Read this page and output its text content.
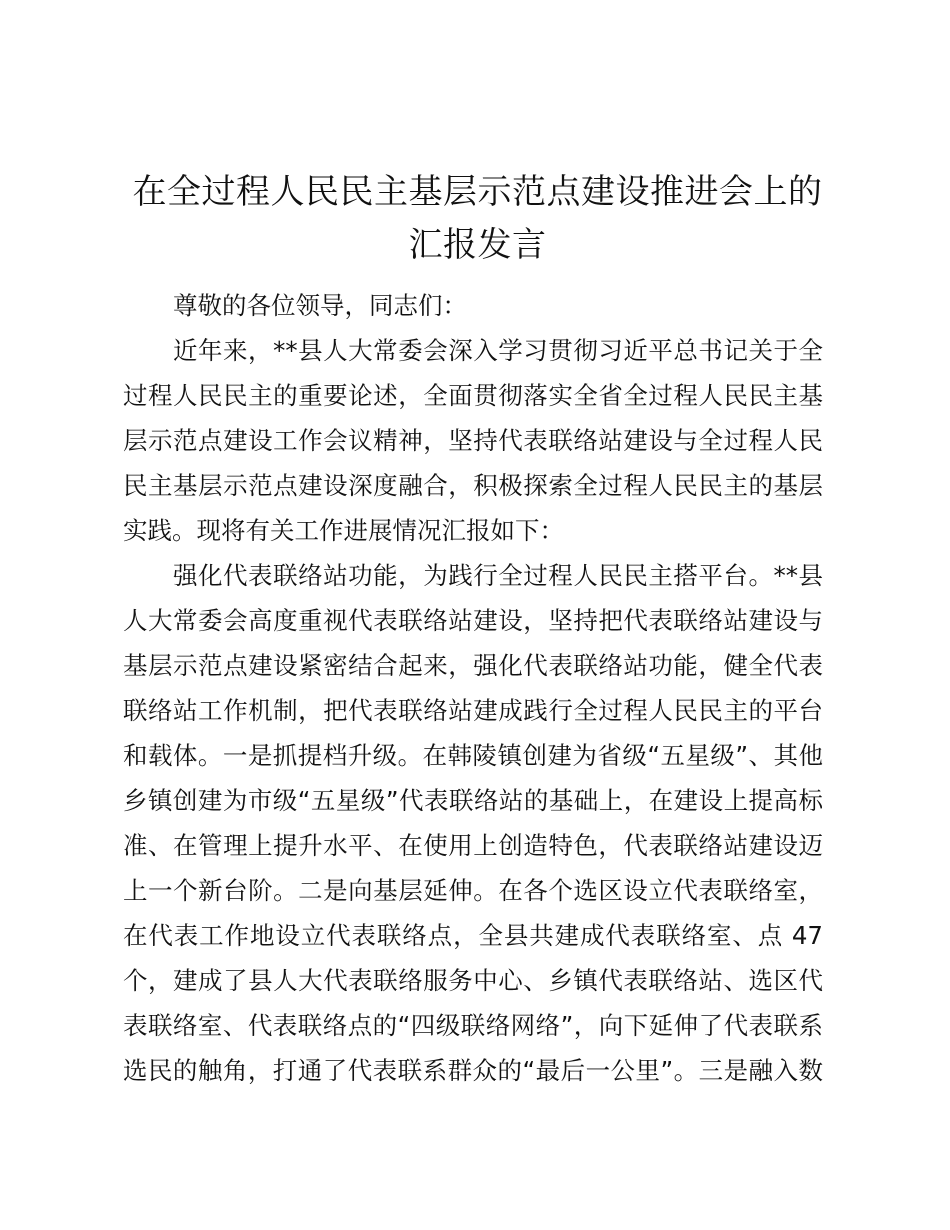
在全过程人民民主基层示范点建设推进会上的
汇报发言

尊敬的各位领导，同志们：

近年来，**县人大常委会深入学习贯彻习近平总书记关于全

过程人民民主的重要论述，全面贯彻落实全省全过程人民民主基

层示范点建设工作会议精神，坚持代表联络站建设与全过程人民

民主基层示范点建设深度融合，积极探索全过程人民民主的基层

实践。现将有关工作进展情况汇报如下：

强化代表联络站功能，为践行全过程人民民主搭平台。**县

人大常委会高度重视代表联络站建设，坚持把代表联络站建设与

基层示范点建设紧密结合起来，强化代表联络站功能，健全代表

联络站工作机制，把代表联络站建成践行全过程人民民主的平台

和载体。一是抓提档升级。在韩陵镇创建为省级“五星级”、其他

乡镇创建为市级“五星级”代表联络站的基础上，在建设上提高标

准、在管理上提升水平、在使用上创造特色，代表联络站建设迈

上一个新台阶。二是向基层延伸。在各个选区设立代表联络室，

在代表工作地设立代表联络点，全县共建成代表联络室、点 47

个，建成了县人大代表联络服务中心、乡镇代表联络站、选区代

表联络室、代表联络点的“四级联络网络”，向下延伸了代表联系

选民的触角，打通了代表联系群众的“最后一公里”。三是融入数
